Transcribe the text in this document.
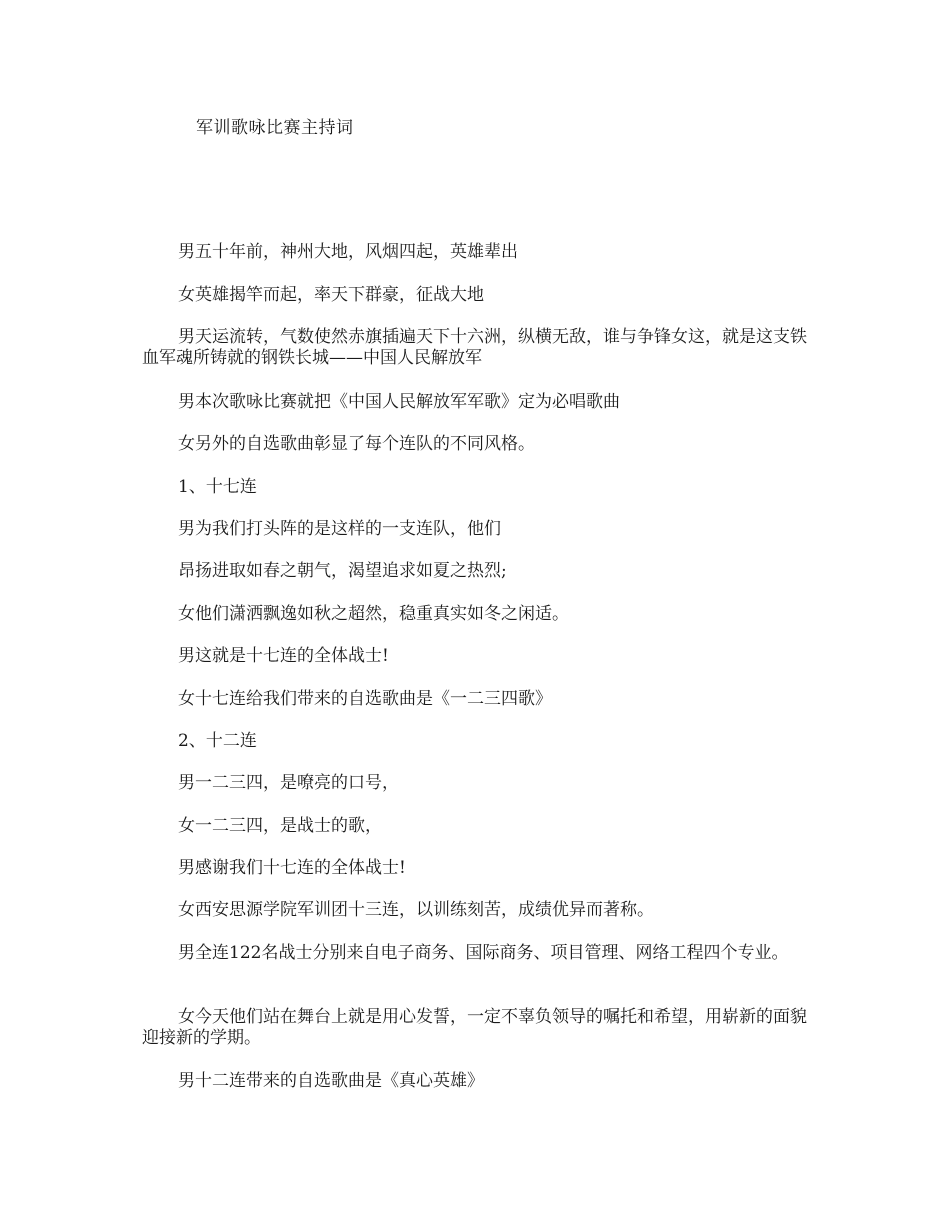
军训歌咏比赛主持词

男五十年前，神州大地，风烟四起，英雄辈出

女英雄揭竿而起，率天下群豪，征战大地

男天运流转，气数使然赤旗插遍天下十六洲，纵横无敌，谁与争锋女这，就是这支铁血军魂所铸就的钢铁长城——中国人民解放军

男本次歌咏比赛就把《中国人民解放军军歌》定为必唱歌曲

女另外的自选歌曲彰显了每个连队的不同风格。

1、十七连

男为我们打头阵的是这样的一支连队，他们

昂扬进取如春之朝气，渴望追求如夏之热烈;

女他们潇洒飘逸如秋之超然，稳重真实如冬之闲适。

男这就是十七连的全体战士!

女十七连给我们带来的自选歌曲是《一二三四歌》

2、十二连

男一二三四，是嘹亮的口号，

女一二三四，是战士的歌，

男感谢我们十七连的全体战士!

女西安思源学院军训团十三连，以训练刻苦，成绩优异而著称。

男全连122名战士分别来自电子商务、国际商务、项目管理、网络工程四个专业。

女今天他们站在舞台上就是用心发誓，一定不辜负领导的嘱托和希望，用崭新的面貌迎接新的学期。

男十二连带来的自选歌曲是《真心英雄》
